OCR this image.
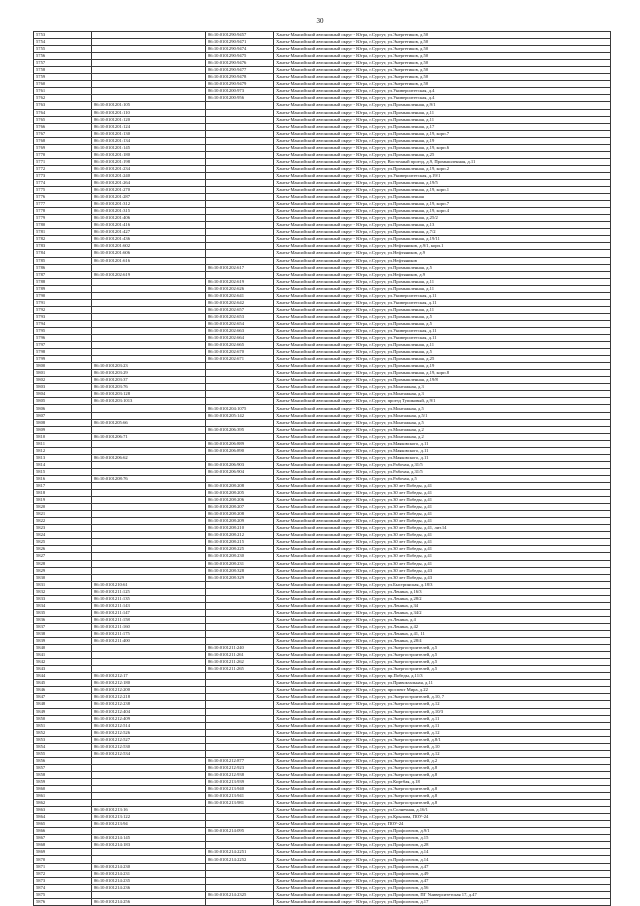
30
5753		86:10:0101290:9457	Ханты-Мансийский автономный округ - Югра, г.Сургут, ул.Энергетиков, д.50
5754		86:10:0101290:9471	Ханты-Мансийский автономный округ - Югра, г.Сургут, ул.Энергетиков, д.50
5755		86:10:0101290:9474	Ханты-Мансийский автономный округ - Югра, г.Сургут, ул.Энергетиков, д.50
5756		86:10:0101290:9475	Ханты-Мансийский автономный округ - Югра, г.Сургут, ул.Энергетиков, д.50
5757		86:10:0101290:9476	Ханты-Мансийский автономный округ - Югра, г.Сургут, ул.Энергетиков, д.50
5758		86:10:0101290:9477	Ханты-Мансийский автономный округ - Югра, г.Сургут, ул.Энергетиков, д.50
5759		86:10:0101290:9478	Ханты-Мансийский автономный округ - Югра, г.Сургут, ул.Энергетиков, д.50
5760		86:10:0101290:9479	Ханты-Мансийский автономный округ - Югра, г.Сургут, ул.Энергетиков, д.50
5761		86:10:0101200:973	Ханты-Мансийский автономный округ - Югра, г.Сургут, ул.Университетская, д.4
5762		86:10:0101200:956	Ханты-Мансийский автономный округ - Югра, г.Сургут, ул.Университетская, д.4
5763	86:10:0101201:105		Ханты-Мансийский автономный округ - Югра, г.Сургут, ул.Промышленная, д.9/1
5764	86:10:0101201:110		Ханты-Мансийский автономный округ - Югра, г.Сургут, ул.Промышленная, д.11
5765	86:10:0101201:120		Ханты-Мансийский автономный округ - Югра, г.Сургут, ул.Промышленная, д.11
5766	86:10:0101201:124		Ханты-Мансийский автономный округ - Югра, г.Сургут, ул.Промышленная, д.17
5767	86:10:0101201:130		Ханты-Мансийский автономный округ - Югра, г.Сургут, ул.Промышленная, д.19, корп.7
5768	86:10:0101201:134		Ханты-Мансийский автономный округ - Югра, г.Сургут, ул.Промышленная, д.19
5769	86:10:0101201:145		Ханты-Мансийский автономный округ - Югра, г.Сургут, ул.Промышленная, д.19, корп.6
5770	86:10:0101201:180		Ханты-Мансийский автономный округ - Югра, г.Сургут, ул.Промышленная, д.25
5771	86:10:0101201:198		Ханты-Мансийский автономный округ - Югра, г.Сургут, Восточный проезд, д.9, Промышленная, д.11
5772	86:10:0101201:234		Ханты-Мансийский автономный округ - Югра, г.Сургут, ул.Промышленная, д.19, корп.2
5773	86:10:0101201:240		Ханты-Мансийский автономный округ - Югра, г.Сургут, ул.Университетская, д.19/1
5774	86:10:0101201:264		Ханты-Мансийский автономный округ - Югра, г.Сургут, ул.Промышленная, д.19/5
5775	86:10:0101201:270		Ханты-Мансийский автономный округ - Югра, г.Сургут, ул.Промышленная, д.19, корп.1
5776	86:10:0101201:287		Ханты-Мансийский автономный округ - Югра, г.Сургут, ул.Промышленная
5777	86:10:0101201:312		Ханты-Мансийский автономный округ - Югра, г.Сургут, ул.Промышленная, д.19, корп.7
5778	86:10:0101201:315		Ханты-Мансийский автономный округ - Югра, г.Сургут, ул.Промышленная, д.19, корп.4
5779	86:10:0101201:406		Ханты-Мансийский автономный округ - Югра, г.Сургут, ул.Промышленная, д.25/2
5780	86:10:0101201:416		Ханты-Мансийский автономный округ - Югра, г.Сургут, ул.Промышленная, д.13
5781	86:10:0101201:427		Ханты-Мансийский автономный округ - Югра, г.Сургут, ул.Промышленная, д.7/2
5782	86:10:0101201:436		Ханты-Мансийский автономный округ - Югра, г.Сургут, ул.Промышленная, д.19/11
5783	86:10:0101201:602		Ханты-Мансийский автономный округ - Югра, г.Сургут, ул.Нефтяников, д.9/1, корп.1
5784	86:10:0101201:606		Ханты-Мансийский автономный округ - Югра, г.Сургут, ул.Нефтяников, д.9
5785	86:10:0101201:616		Ханты-Мансийский автономный округ - Югра, г.Сургут, ул.Нефтяников
5786		86:10:0101202:617	Ханты-Мансийский автономный округ - Югра, г.Сургут, ул.Промышленная, д.5
5787	86:10:0101202:619		Ханты-Мансийский автономный округ - Югра, г.Сургут, ул.Нефтяников, д.9
5788		86:10:0101202:619	Ханты-Мансийский автономный округ - Югра, г.Сургут, ул.Промышленная, д.11
5789		86:10:0101202:626	Ханты-Мансийский автономный округ - Югра, г.Сургут, ул.Промышленная, д.11
5790		86:10:0101202:641	Ханты-Мансийский автономный округ - Югра, г.Сургут, ул.Университетская, д.11
5791		86:10:0101202:642	Ханты-Мансийский автономный округ - Югра, г.Сургут, ул.Университетская, д.11
5792		86:10:0101202:657	Ханты-Мансийский автономный округ - Югра, г.Сургут, ул.Промышленная, д.11
5793		86:10:0101202:653	Ханты-Мансийский автономный округ - Югра, г.Сургут, ул.Промышленная, д.5
5794		86:10:0101202:654	Ханты-Мансийский автономный округ - Югра, г.Сургут, ул.Промышленная, д.5
5795		86:10:0101202:663	Ханты-Мансийский автономный округ - Югра, г.Сургут, ул.Университетская, д.11
5796		86:10:0101202:664	Ханты-Мансийский автономный округ - Югра, г.Сургут, ул.Университетская, д.11
5797		86:10:0101202:665	Ханты-Мансийский автономный округ - Югра, г.Сургут, ул.Промышленная, д.11
5798		86:10:0101202:670	Ханты-Мансийский автономный округ - Югра, г.Сургут, ул.Промышленная, д.5
5799		86:10:0101202:671	Ханты-Мансийский автономный округ - Югра, г.Сургут, ул.Промышленная, д.25
5800	86:10:0101203:23		Ханты-Мансийский автономный округ - Югра, г.Сургут, ул.Промышленная, д.19
5801	86:10:0101203:29		Ханты-Мансийский автономный округ - Югра, г.Сургут, ул.Промышленная, д.19, корп.8
5802	86:10:0101203:37		Ханты-Мансийский автономный округ - Югра, г.Сургут, ул.Промышленная, д.19/8
5803	86:10:0101203:76		Ханты-Мансийский автономный округ - Югра, г.Сургут, ул.Монтажная, д.3
5804	86:10:0101203:128		Ханты-Мансийский автономный округ - Югра, г.Сургут, ул.Монтажная, д.3
5805	86:10:0101203:1013		Ханты-Мансийский автономный округ - Югра, г.Сургут, проезд Тупиковый, д.9/1
5806		86:10:0101204:1075	Ханты-Мансийский автономный округ - Югра, г.Сургут, ул.Монтажная, д.5
5807		86:10:0101205:142	Ханты-Мансийский автономный округ - Югра, г.Сургут, ул.Монтажная, д.5/1
5808	86:10:0101205:66		Ханты-Мансийский автономный округ - Югра, г.Сургут, ул.Монтажная, д.5
5809		86:10:0101206:395	Ханты-Мансийский автономный округ - Югра, г.Сургут, ул.Монтажная, д.2
5810	86:10:0101206:71		Ханты-Мансийский автономный округ - Югра, г.Сургут, ул.Монтажная, д.2
5811		86:10:0101206:889	Ханты-Мансийский автономный округ - Югра, г.Сургут, ул.Маяковского, д.11
5812		86:10:0101206:890	Ханты-Мансийский автономный округ - Югра, г.Сургут, ул.Маяковского, д.11
5813	86:10:0101206:62		Ханты-Мансийский автономный округ - Югра, г.Сургут, ул.Маяковского, д.11
5814		86:10:0101206:903	Ханты-Мансийский автономный округ - Югра, г.Сургут, ул.Рабочая, д.31/5
5815		86:10:0101206:904	Ханты-Мансийский автономный округ - Югра, г.Сургут, ул.Рабочая, д.31/5
5816	86:10:0101208:76		Ханты-Мансийский автономный округ - Югра, г.Сургут, ул.Рабочая, д.5
5817		86:10:0101208:208	Ханты-Мансийский автономный округ - Югра, г.Сургут, ул.30 лет Победы, д.41
5818		86:10:0101208:205	Ханты-Мансийский автономный округ - Югра, г.Сургут, ул.30 лет Победы, д.41
5819		86:10:0101208:206	Ханты-Мансийский автономный округ - Югра, г.Сургут, ул.30 лет Победы, д.41
5820		86:10:0101208:207	Ханты-Мансийский автономный округ - Югра, г.Сургут, ул.30 лет Победы, д.41
5821		86:10:0101208:208	Ханты-Мансийский автономный округ - Югра, г.Сургут, ул.30 лет Победы, д.41
5822		86:10:0101208:209	Ханты-Мансийский автономный округ - Югра, г.Сургут, ул.30 лет Победы, д.41
5823		86:10:0101208:210	Ханты-Мансийский автономный округ - Югра, г.Сургут, ул.30 лет Победы, д.41, лит.14
5824		86:10:0101208:212	Ханты-Мансийский автономный округ - Югра, г.Сургут, ул.30 лет Победы, д.41
5825		86:10:0101208:215	Ханты-Мансийский автономный округ - Югра, г.Сургут, ул.30 лет Победы, д.41
5826		86:10:0101208:225	Ханты-Мансийский автономный округ - Югра, г.Сургут, ул.30 лет Победы, д.41
5827		86:10:0101208:230	Ханты-Мансийский автономный округ - Югра, г.Сургут, ул.30 лет Победы, д.41
5828		86:10:0101208:231	Ханты-Мансийский автономный округ - Югра, г.Сургут, ул.30 лет Победы, д.41
5829		86:10:0101208:328	Ханты-Мансийский автономный округ - Югра, г.Сургут, ул.30 лет Победы, д.43
5830		86:10:0101208:329	Ханты-Мансийский автономный округ - Югра, г.Сургут, ул.30 лет Победы, д.43
5831	86:10:0101210:61		Ханты-Мансийский автономный округ - Югра, г.Сургут, ул.Быстринская, д.18/3
5832	86:10:0101211:125		Ханты-Мансийский автономный округ - Югра, г.Сургут, ул.Ленина, д.16/3
5833	86:10:0101211:135		Ханты-Мансийский автономный округ - Югра, г.Сургут, ул.Ленина, д.28/2
5834	86:10:0101211:143		Ханты-Мансийский автономный округ - Югра, г.Сургут, ул.Ленина, д.34
5835	86:10:0101211:147		Ханты-Мансийский автономный округ - Югра, г.Сургут, ул.Ленина, д.34/2
5836	86:10:0101211:158		Ханты-Мансийский автономный округ - Югра, г.Сургут, ул.Ленина, д.4
5837	86:10:0101211:160		Ханты-Мансийский автономный округ - Югра, г.Сургут, ул.Ленина, д.42
5838	86:10:0101211:175		Ханты-Мансийский автономный округ - Югра, г.Сургут, ул.Ленина, д.41, 11
5839	86:10:0101211:400		Ханты-Мансийский автономный округ - Югра, г.Сургут, ул.Ленина, д.28/4
5840		86:10:0101211:240	Ханты-Мансийский автономный округ - Югра, г.Сургут, ул.Энергостроителей, д.5
5841		86:10:0101211:261	Ханты-Мансийский автономный округ - Югра, г.Сургут, ул.Энергостроителей, д.5
5842		86:10:0101211:262	Ханты-Мансийский автономный округ - Югра, г.Сургут, ул.Энергостроителей, д.5
5843		86:10:0101211:265	Ханты-Мансийский автономный округ - Югра, г.Сургут, ул.Энергостроителей, д.5
5844	86:10:0101212:17		Ханты-Мансийский автономный округ - Югра, г.Сургут, пр.Победы, д.11/3
5845	86:10:0101212:180		Ханты-Мансийский автономный округ - Югра, г.Сургут, ул.Привокзальная, д.11
5846	86:10:0101212:200		Ханты-Мансийский автономный округ - Югра, г.Сургут, проспект Мира, д.22
5847	86:10:0101212:218		Ханты-Мансийский автономный округ - Югра, г.Сургут, ул.Энергостроителей, д.10, 7
5848	86:10:0101212:238		Ханты-Мансийский автономный округ - Югра, г.Сургут, ул.Энергостроителей, д.12
5849	86:10:0101212:404		Ханты-Мансийский автономный округ - Югра, г.Сургут, ул.Энергостроителей, д.10/3
5850	86:10:0101212:409		Ханты-Мансийский автономный округ - Югра, г.Сургут, ул.Энергостроителей, д.11
5851	86:10:0101212:514		Ханты-Мансийский автономный округ - Югра, г.Сургут, ул.Энергостроителей, д.11
5852	86:10:0101212:526		Ханты-Мансийский автономный округ - Югра, г.Сургут, ул.Энергостроителей, д.12
5853	86:10:0101212:527		Ханты-Мансийский автономный округ - Югра, г.Сургут, ул.Энергостроителей, д.8/1
5854	86:10:0101212:530		Ханты-Мансийский автономный округ - Югра, г.Сургут, ул.Энергостроителей, д.10
5855	86:10:0101212:534		Ханты-Мансийский автономный округ - Югра, г.Сургут, ул.Энергостроителей, д.12
5856		86:10:0101212:877	Ханты-Мансийский автономный округ - Югра, г.Сургут, ул.Энергостроителей, д.2
5857		86:10:0101212:923	Ханты-Мансийский автономный округ - Югра, г.Сургут, ул.Энергостроителей, д.8
5858		86:10:0101212:938	Ханты-Мансийский автономный округ - Югра, г.Сургут, ул.Энергостроителей, д.8
5859		86:10:0101213:939	Ханты-Мансийский автономный округ - Югра, г.Сургут, ул.Киртбая, д.18
5860		86:10:0101213:940	Ханты-Мансийский автономный округ - Югра, г.Сургут, ул.Энергостроителей, д.8
5861		86:10:0101213:941	Ханты-Мансийский автономный округ - Югра, г.Сургут, ул.Энергостроителей, д.8
5862		86:10:0101213:981	Ханты-Мансийский автономный округ - Югра, г.Сургут, ул.Энергостроителей, д.8
5863	86:10:0101213:16		Ханты-Мансийский автономный округ - Югра, г.Сургут, ул.Солнечная, д.16/1
5864	86:10:0101213:122		Ханты-Мансийский автономный округ - Югра, г.Сургут, ул.Крылова, ПОУ-24
5865	86:10:0101213:94		Ханты-Мансийский автономный округ - Югра, г.Сургут, ПОУ-24
5866		86:10:0101214:095	Ханты-Мансийский автономный округ - Югра, г.Сургут, ул.Профсоюзов, д.9/1
5867	86:10:0101214:145		Ханты-Мансийский автономный округ - Югра, г.Сургут, ул.Профсоюзов, д.15
5868	86:10:0101214:183		Ханты-Мансийский автономный округ - Югра, г.Сургут, ул.Профсоюзов, д.28
5869		86:10:0101214:2251	Ханты-Мансийский автономный округ - Югра, г.Сургут, ул.Профсоюзов, д.14
5870		86:10:0101214:2252	Ханты-Мансийский автономный округ - Югра, г.Сургут, ул.Профсоюзов, д.14
5871	86:10:0101214:230		Ханты-Мансийский автономный округ - Югра, г.Сургут, ул.Профсоюзов, д.47
5872	86:10:0101214:231		Ханты-Мансийский автономный округ - Югра, г.Сургут, ул.Профсоюзов, д.49
5873	86:10:0101214:235		Ханты-Мансийский автономный округ - Югра, г.Сургут, ул.Профсоюзов, д.47
5874	86:10:0101214:236		Ханты-Мансийский автономный округ - Югра, г.Сургут, ул.Профсоюзов, д.56
5875		86:10:0101214:2325	Ханты-Мансийский автономный округ - Югра, г.Сургут, ул.Профсоюзов, ПГ Университетская 17, д.47
5876	86:10:0101214:256		Ханты-Мансийский автономный округ - Югра, г.Сургут, ул.Профсоюзов, д.17
